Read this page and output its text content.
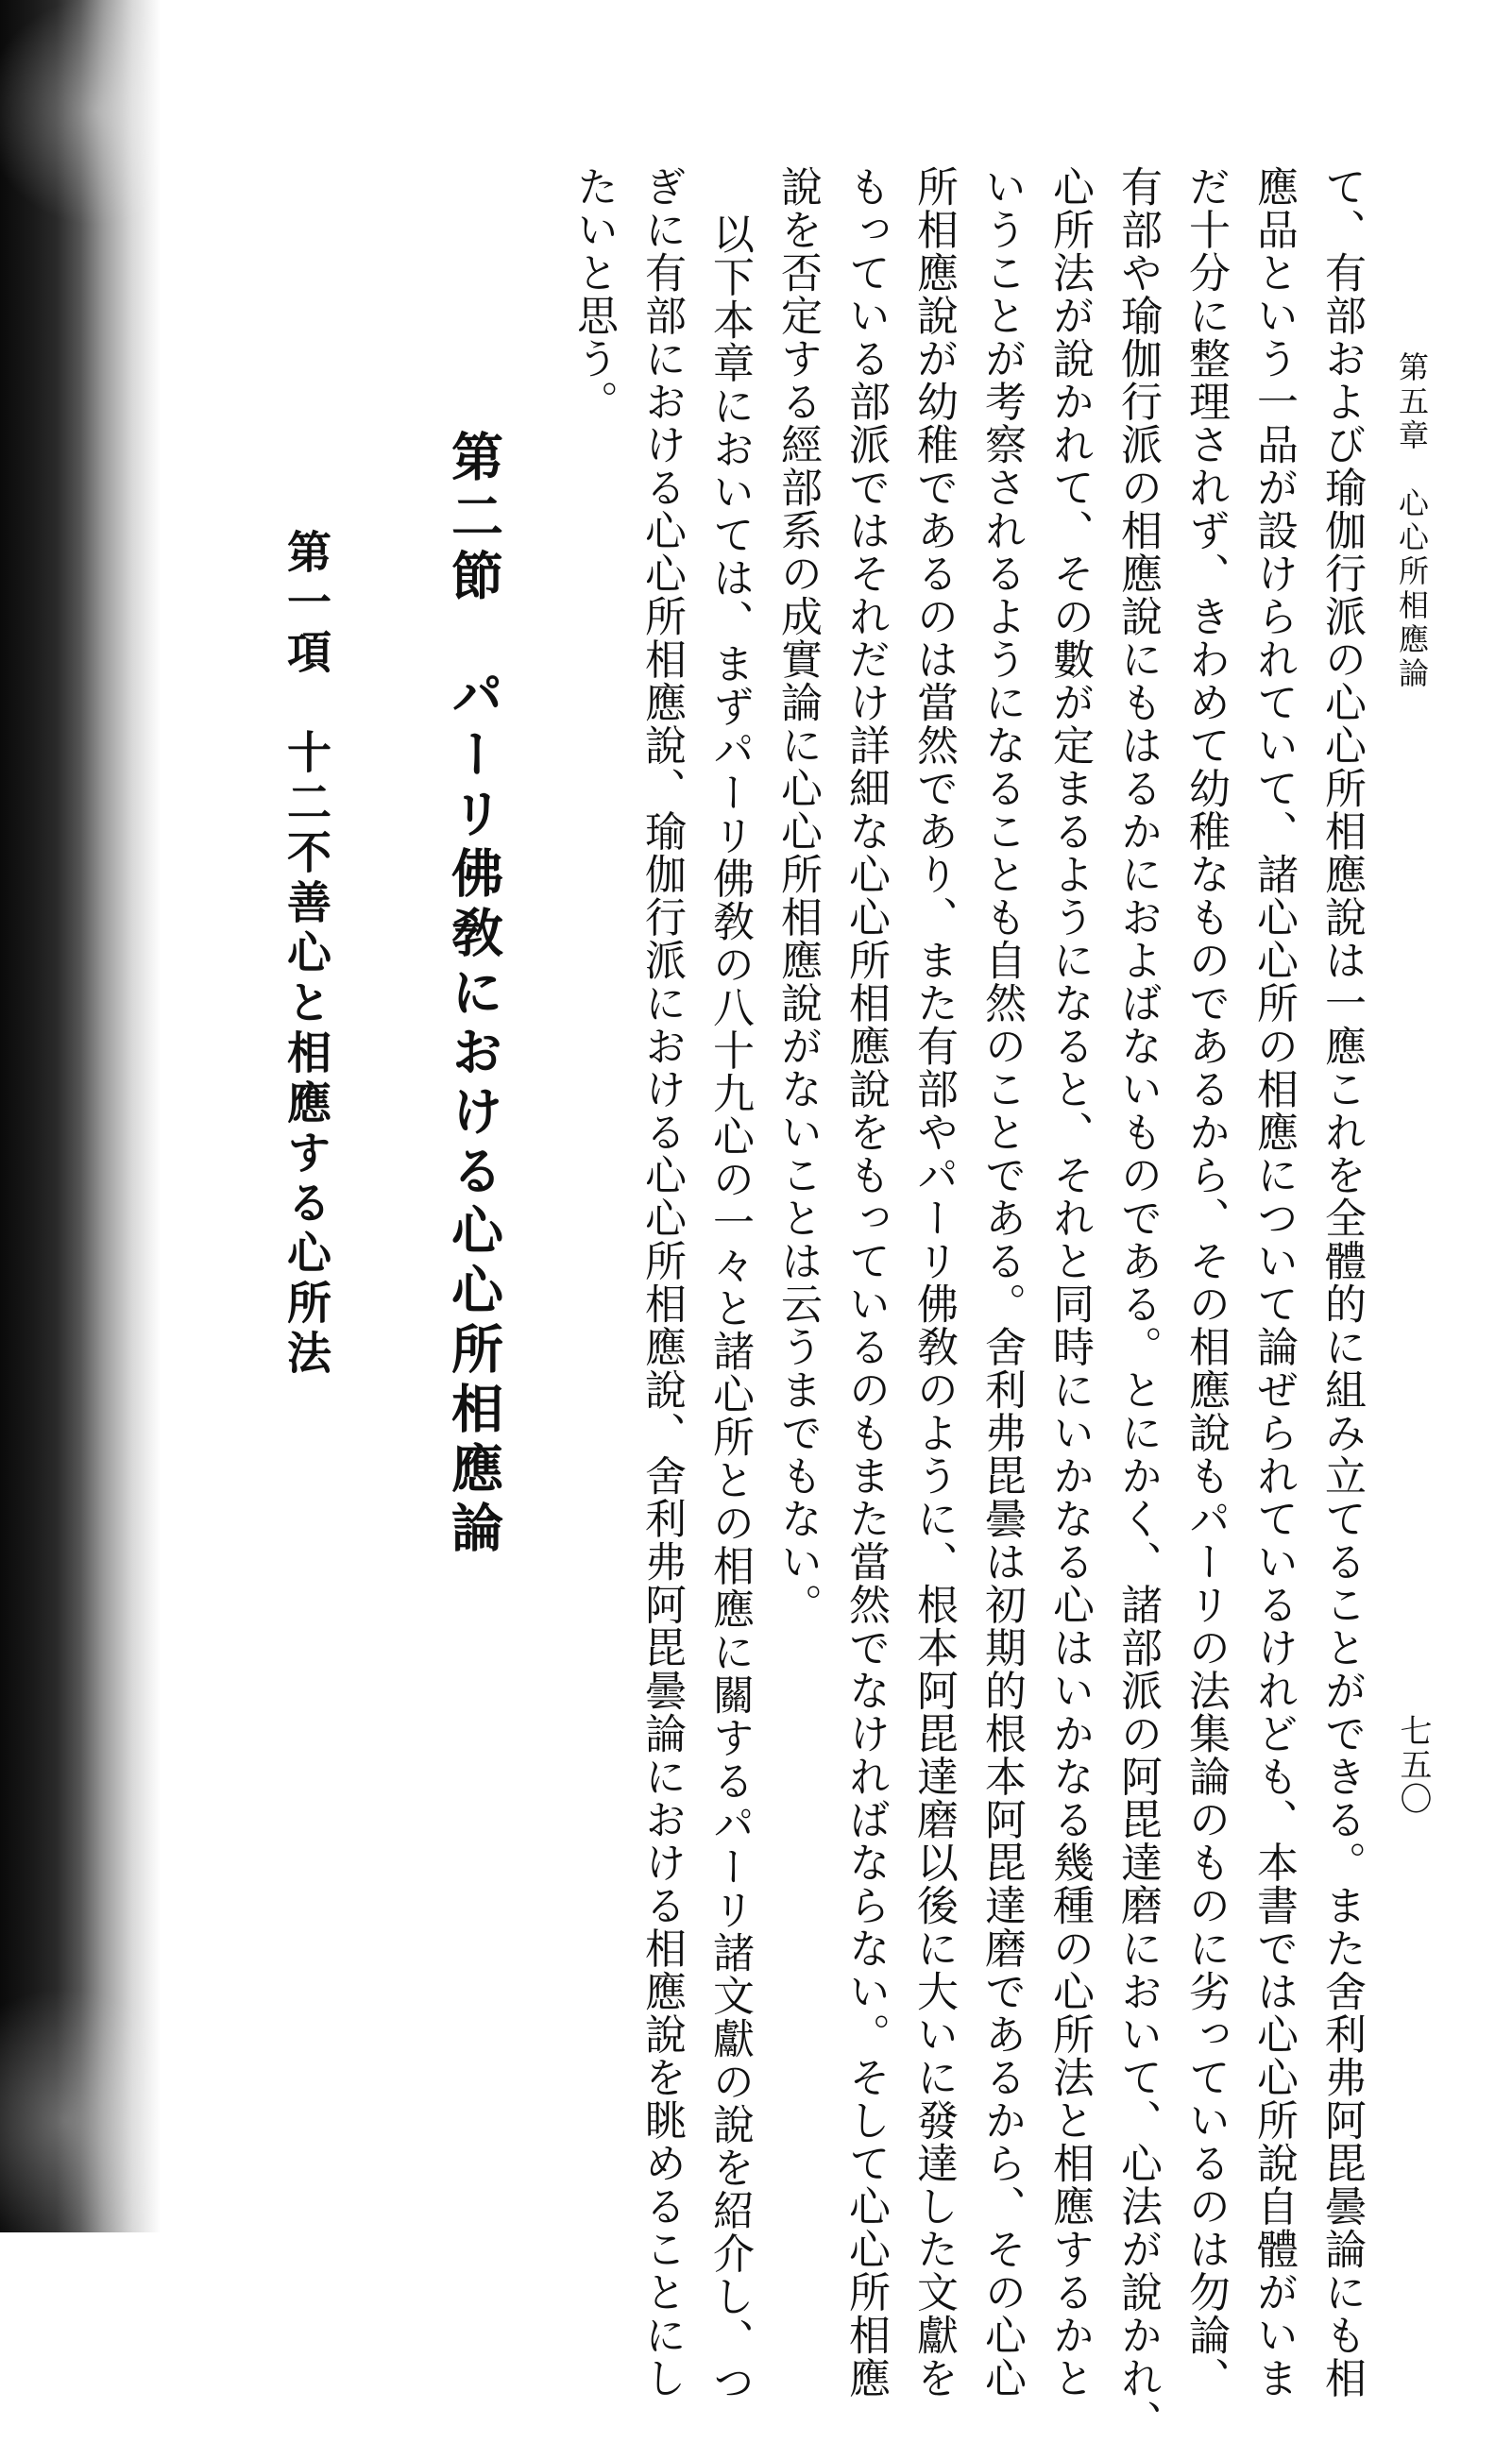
第五章　心心所相應論

七五〇

て、有部および瑜伽行派の心心所相應說は一應これを全體的に組み立てることができる。また舍利弗阿毘曇論にも相
應品という一品が設けられていて、諸心心所の相應について論ぜられているけれども、本書では心心所說自體がいま
だ十分に整理されず、きわめて幼稚なものであるから、その相應說もパーリの法集論のものに劣っているのは勿論、
有部や瑜伽行派の相應說にもはるかにおよばないものである。とにかく、諸部派の阿毘達磨において、心法が說かれ、
心所法が說かれて、その數が定まるようになると、それと同時にいかなる心はいかなる幾種の心所法と相應するかと
いうことが考察されるようになることも自然のことである。舍利弗毘曇は初期的根本阿毘達磨であるから、その心心
所相應說が幼稚であるのは當然であり、また有部やパーリ佛敎のように、根本阿毘達磨以後に大いに發達した文獻を
もっている部派ではそれだけ詳細な心心所相應說をもっているのもまた當然でなければならない。そして心心所相應
說を否定する經部系の成實論に心心所相應說がないことは云うまでもない。
以下本章においては、まずパーリ佛敎の八十九心の一々と諸心所との相應に關するパーリ諸文獻の說を紹介し、つ
ぎに有部における心心所相應說、瑜伽行派における心心所相應說、舍利弗阿毘曇論における相應說を眺めることにし
たいと思う。
第二節　パーリ佛敎における心心所相應論
第一項　十二不善心と相應する心所法
